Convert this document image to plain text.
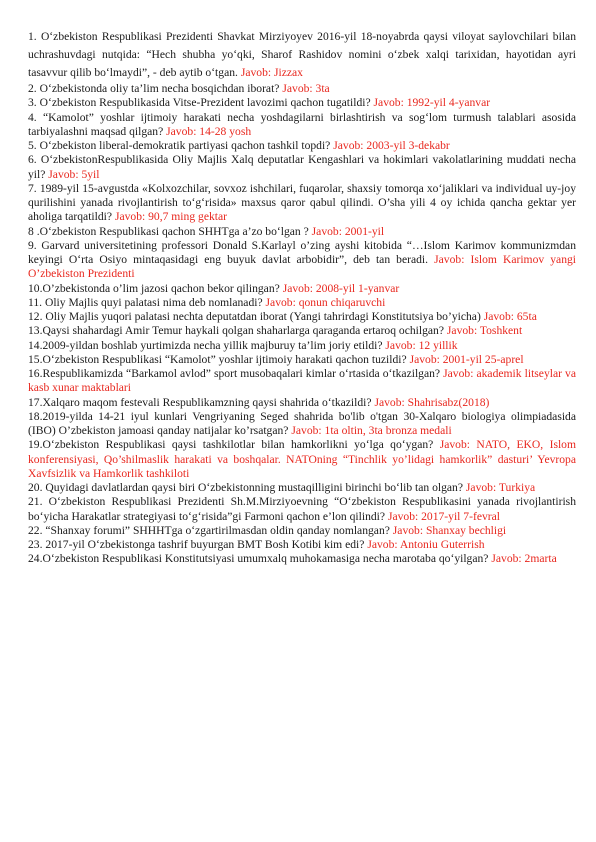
1. O‘zbekiston Respublikasi Prezidenti Shavkat Mirziyoyev 2016-yil 18-noyabrda qaysi viloyat saylovchilari bilan uchrashuvdagi nutqida: “Hech shubha yo‘qki, Sharof Rashidov nomini o‘zbek xalqi tarixidan, hayotidan ayri tasavvur qilib bo‘lmaydi”, - deb aytib o‘tgan. Javob: Jizzax

2. O‘zbekistonda oliy ta’lim necha bosqichdan iborat? Javob: 3ta

3. O‘zbekiston Respublikasida Vitse-Prezident lavozimi qachon tugatildi? Javob: 1992-yil 4-yanvar

4. “Kamolot” yoshlar ijtimoiy harakati necha yoshdagilarni birlashtirish va sog‘lom turmush talablari asosida tarbiyalashni maqsad qilgan? Javob: 14-28 yosh

5. O‘zbekiston liberal-demokratik partiyasi qachon tashkil topdi? Javob: 2003-yil 3-dekabr

6. O‘zbekistonRespublikasida Oliy Majlis Xalq deputatlar Kengashlari va hokimlari vakolatlarining muddati necha yil? Javob: 5yil

7. 1989-yil 15-avgustda «Kolxozchilar, sovxoz ishchilari, fuqarolar, shaxsiy tomorqa xo‘jaliklari va individual uy-joy qurilishini yanada rivojlantirish to‘g‘risida» maxsus qaror qabul qilindi. O’sha yili 4 oy ichida qancha gektar yer aholiga tarqatildi? Javob: 90,7 ming gektar

8 .O‘zbekiston Respublikasi qachon SHHTga a’zo bo‘lgan ? Javob: 2001-yil

9. Garvard universitetining professori Donald S.Karlayl o’zing ayshi kitobida “…Islom Karimov kommunizmdan keyingi O‘rta Osiyo mintaqasidagi eng buyuk davlat arbobidir”, deb tan beradi. Javob: Islom Karimov yangi O’zbekiston Prezidenti

10.O’zbekistonda o’lim jazosi qachon bekor qilingan? Javob: 2008-yil 1-yanvar

11. Oliy Majlis quyi palatasi nima deb nomlanadi? Javob: qonun chiqaruvchi

12. Oliy Majlis yuqori palatasi nechta deputatdan iborat (Yangi tahrirdagi Konstitutsiya bo’yicha) Javob: 65ta

13.Qaysi shahardagi Amir Temur haykali qolgan shaharlarga qaraganda ertaroq ochilgan? Javob: Toshkent

14.2009-yildan boshlab yurtimizda necha yillik majburuy ta’lim joriy etildi? Javob: 12 yillik

15.O‘zbekiston Respublikasi “Kamolot” yoshlar ijtimoiy harakati qachon tuzildi? Javob: 2001-yil 25-aprel

16.Respublikamizda “Barkamol avlod” sport musobaqalari kimlar o‘rtasida o‘tkazilgan? Javob: akademik litseylar va kasb xunar maktablari

17.Xalqaro maqom festevali Respublikamzning qaysi shahrida o‘tkazildi? Javob: Shahrisabz(2018)

18.2019-yilda 14-21 iyul kunlari Vengriyaning Seged shahrida bo'lib o'tgan 30-Xalqaro biologiya olimpiadasida (IBO) O’zbekiston jamoasi qanday natijalar ko’rsatgan? Javob: 1ta oltin, 3ta bronza medali

19.O‘zbekiston Respublikasi qaysi tashkilotlar bilan hamkorlikni yo‘lga qo‘ygan? Javob: NATO, EKO, Islom konferensiyasi, Qo’shilmaslik harakati va boshqalar. NATOning “Tinchlik yo’lidagi hamkorlik” dasturi’ Yevropa Xavfsizlik va Hamkorlik tashkiloti

20. Quyidagi davlatlardan qaysi biri O‘zbekistonning mustaqilligini birinchi bo‘lib tan olgan? Javob: Turkiya

21. O‘zbekiston Respublikasi Prezidenti Sh.M.Mirziyoevning “O‘zbekiston Respublikasini yanada rivojlantirish bo‘yicha Harakatlar strategiyasi to‘g‘risida”gi Farmoni qachon e’lon qilindi? Javob: 2017-yil 7-fevral

22. “Shanxay forumi” SHHHTga o‘zgartirilmasdan oldin qanday nomlangan? Javob: Shanxay bechligi

23. 2017-yil O‘zbekistonga tashrif buyurgan BMT Bosh Kotibi kim edi? Javob: Antoniu Guterrish

24.O‘zbekiston Respublikasi Konstitutsiyasi umumxalq muhokamasiga necha marotaba qo‘yilgan? Javob: 2marta
